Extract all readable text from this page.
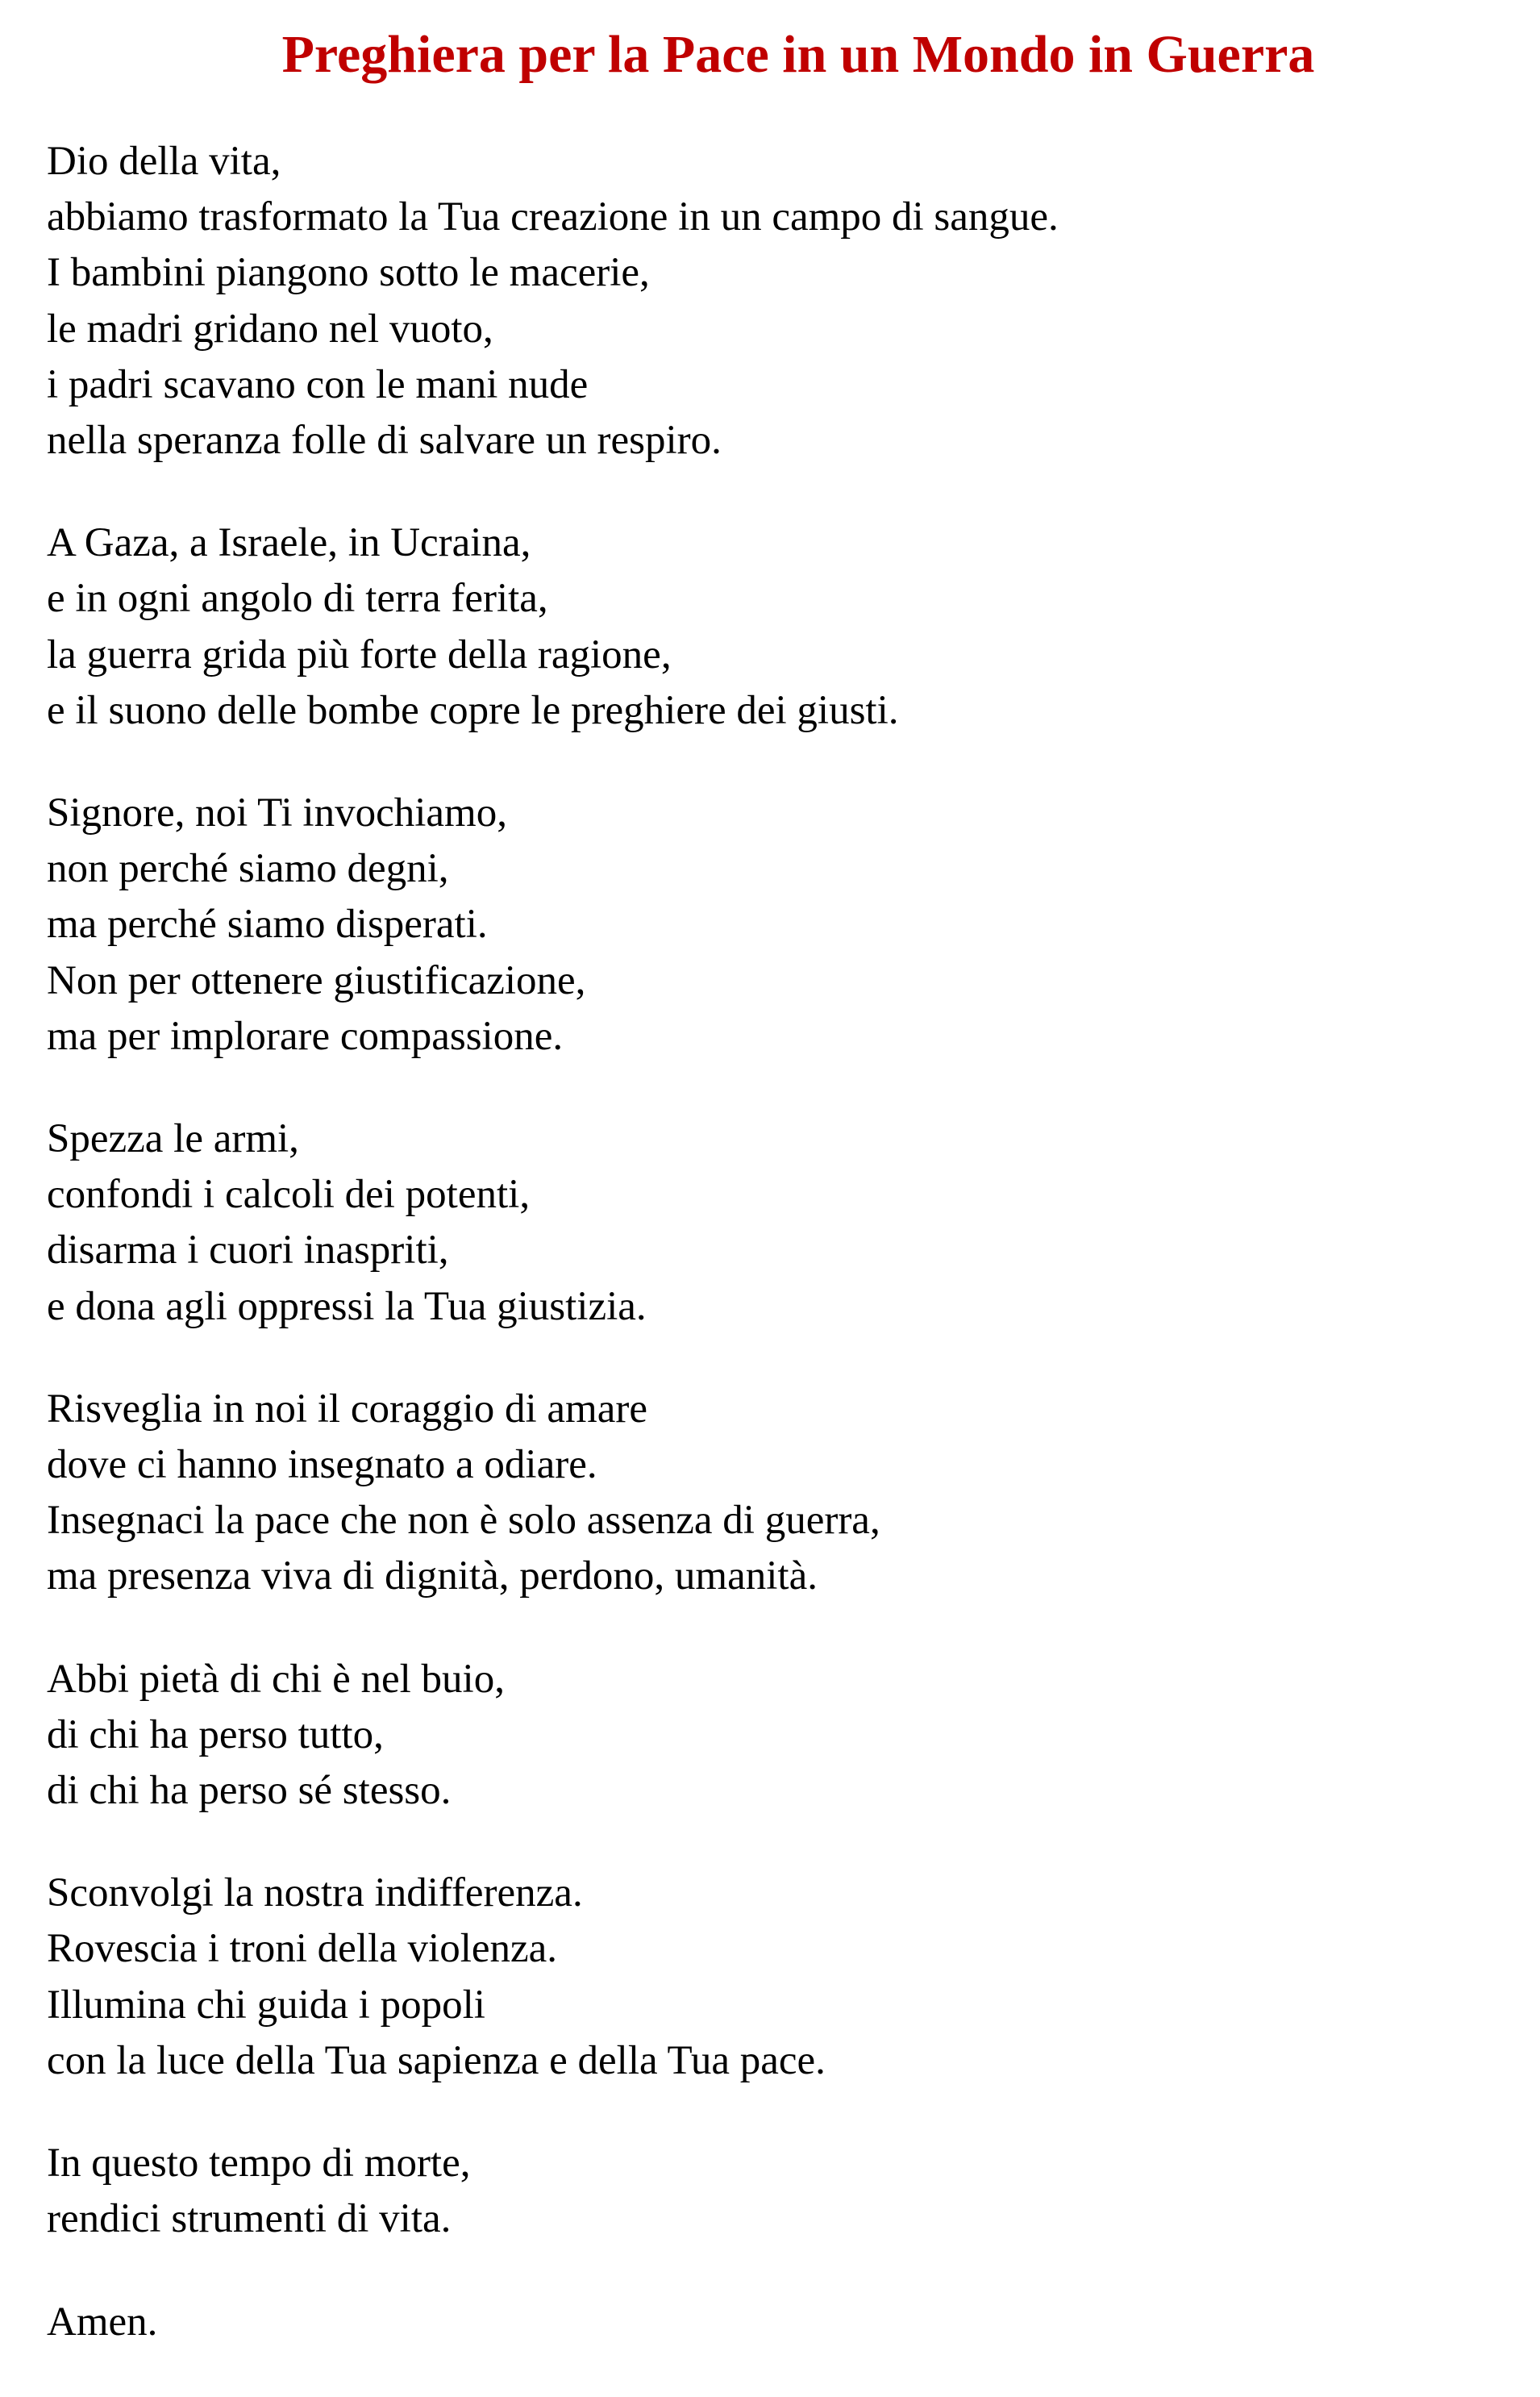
Preghiera per la Pace in un Mondo in Guerra
Dio della vita,
abbiamo trasformato la Tua creazione in un campo di sangue.
I bambini piangono sotto le macerie,
le madri gridano nel vuoto,
i padri scavano con le mani nude
nella speranza folle di salvare un respiro.
A Gaza, a Israele, in Ucraina,
e in ogni angolo di terra ferita,
la guerra grida più forte della ragione,
e il suono delle bombe copre le preghiere dei giusti.
Signore, noi Ti invochiamo,
non perché siamo degni,
ma perché siamo disperati.
Non per ottenere giustificazione,
ma per implorare compassione.
Spezza le armi,
confondi i calcoli dei potenti,
disarma i cuori inaspriti,
e dona agli oppressi la Tua giustizia.
Risveglia in noi il coraggio di amare
dove ci hanno insegnato a odiare.
Insegnaci la pace che non è solo assenza di guerra,
ma presenza viva di dignità, perdono, umanità.
Abbi pietà di chi è nel buio,
di chi ha perso tutto,
di chi ha perso sé stesso.
Sconvolgi la nostra indifferenza.
Rovescia i troni della violenza.
Illumina chi guida i popoli
con la luce della Tua sapienza e della Tua pace.
In questo tempo di morte,
rendici strumenti di vita.
Amen.
